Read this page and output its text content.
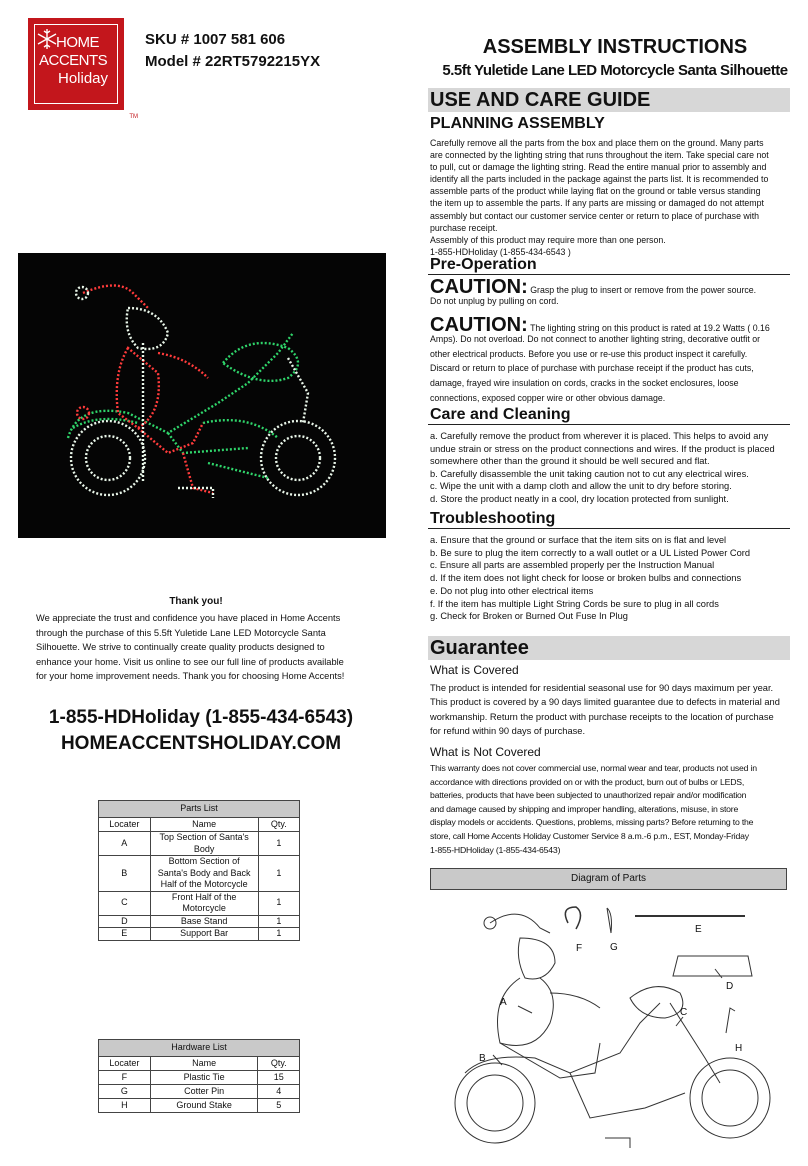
HOME
ACCENTS
Holiday
TM
SKU # 1007 581 606
Model # 22RT5792215YX
ASSEMBLY INSTRUCTIONS
5.5ft Yuletide Lane LED Motorcycle Santa Silhouette
USE AND CARE GUIDE
PLANNING ASSEMBLY
Carefully remove all the parts from the box and place them on the ground. Many parts
are connected by the lighting string that runs throughout the item. Take special care not
to pull, cut or damage the lighting string. Read the entire manual prior to assembly and
identify all the parts included in the package against the parts list. It is recommended to
assemble parts of the product while laying flat on the ground or table versus standing
the item up to assemble the parts. If any parts are missing or damaged do not attempt
assembly but contact our customer service center or return to place of purchase with
purchase receipt.
Assembly of this product may require more than one person.
1-855-HDHoliday (1-855-434-6543 )
Pre-Operation
CAUTION: Grasp the plug to insert or remove from the power source.
Do not unplug by pulling on cord.
CAUTION: The lighting string on this product is rated at 19.2 Watts ( 0.16
Amps). Do not overload. Do not connect to another lighting string, decorative outfit or
other electrical products. Before you use or re-use this product inspect it carefully.
Discard or return to place of purchase with purchase receipt if the product has cuts,
damage, frayed wire insulation on cords, cracks in the socket enclosures, loose
connections, exposed copper wire or other obvious damage.
Care and Cleaning
a. Carefully remove the product from wherever it is placed. This helps to avoid any
undue strain or stress on the product connections and wires. If the product is placed
somewhere other than the ground it should be well secured and flat.
b. Carefully disassemble the unit taking caution not to cut any electrical wires.
c. Wipe the unit with a damp cloth and allow the unit to dry before storing.
d. Store the product neatly in a cool, dry location protected from sunlight.
Troubleshooting
a. Ensure that the ground or surface that the item sits on is flat and level
b. Be sure to plug the item correctly to a wall outlet or a UL Listed Power Cord
c. Ensure all parts are assembled properly per the Instruction Manual
d. If the item does not light check for loose or broken bulbs and connections
e. Do not plug into other electrical items
f. If the item has multiple Light String Cords be sure to plug in all cords
g. Check for Broken or Burned Out Fuse In Plug
Guarantee
What is Covered
The product is intended for residential seasonal use for 90 days maximum per year.
This product is covered by a 90 days limited guarantee due to defects in material and
workmanship. Return the product with purchase receipts to the location of purchase
for refund within 90 days of purchase.
What is Not Covered
This warranty does not cover commercial use, normal wear and tear, products not used in
accordance with directions provided on or with the product, burn out of bulbs or LEDS,
batteries, products that have been subjected to unauthorized repair and/or modification
and damage caused by shipping and improper handling, alterations, misuse, in store
display models or accidents. Questions, problems, missing parts? Before returning to the
store, call Home Accents Holiday Customer Service 8 a.m.-6 p.m., EST, Monday-Friday
1-855-HDHoliday (1-855-434-6543)
Thank you!
We appreciate the trust and confidence you have placed in Home Accents
through the purchase of this 5.5ft Yuletide Lane LED Motorcycle Santa
Silhouette. We strive to continually create quality products designed to
enhance your home. Visit us online to see our full line of products available
for your home improvement needs. Thank you for choosing Home Accents!
1-855-HDHoliday (1-855-434-6543)
HOMEACCENTSHOLIDAY.COM
Parts List		
Locater	Name	Qty.
A	Top Section of Santa's
Body	1
B	Bottom Section of
Santa's Body and Back
Half of the Motorcycle	1
C	Front Half of the
Motorcycle	1
D	Base Stand	1
E	Support Bar	1
Hardware List		
Locater	Name	Qty.
F	Plastic Tie	15
G	Cotter Pin	4
H	Ground Stake	5
Diagram of Parts
A
B
C
D
E
F	G
H
